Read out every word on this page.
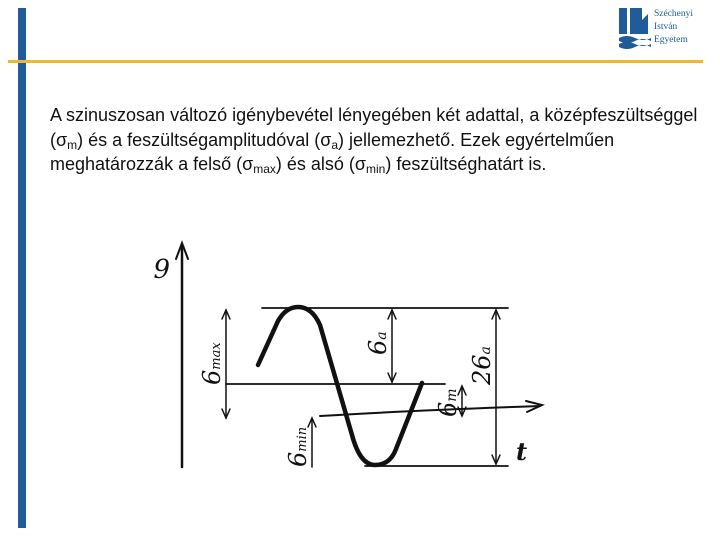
Széchenyi
István
Egyetem

A szinuszosan változó igénybevétel lényegében két adattal, a középfeszültséggel $(\sigma_m)$ és a feszültségamplitudóval $(\sigma_a)$ jellemezhető. Ezek egyértelműen meghatározzák a felső $(\sigma_{max})$ és alsó $(\sigma_{min})$ feszültséghatárt is.

6
6max	6a
26a
6m
6min	t
